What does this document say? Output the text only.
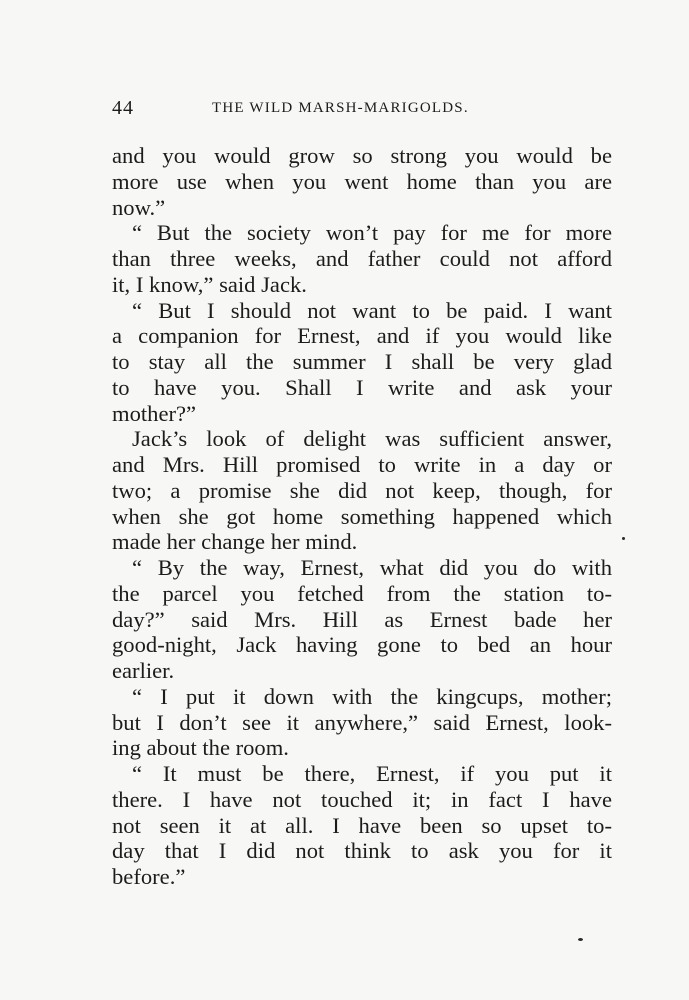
44	THE WILD MARSH-MARIGOLDS.
and you would grow so strong you would be
more use when you went home than you are
now.”
“ But the society won’t pay for me for more
than three weeks, and father could not afford
it, I know,” said Jack.
“ But I should not want to be paid. I want
a companion for Ernest, and if you would like
to stay all the summer I shall be very glad
to have you. Shall I write and ask your
mother?”
Jack’s look of delight was sufficient answer,
and Mrs. Hill promised to write in a day or
two; a promise she did not keep, though, for
when she got home something happened which
made her change her mind.
“ By the way, Ernest, what did you do with
the parcel you fetched from the station to-
day?” said Mrs. Hill as Ernest bade her
good-night, Jack having gone to bed an hour
earlier.
“ I put it down with the kingcups, mother;
but I don’t see it anywhere,” said Ernest, look-
ing about the room.
“ It must be there, Ernest, if you put it
there. I have not touched it; in fact I have
not seen it at all. I have been so upset to-
day that I did not think to ask you for it
before.”
